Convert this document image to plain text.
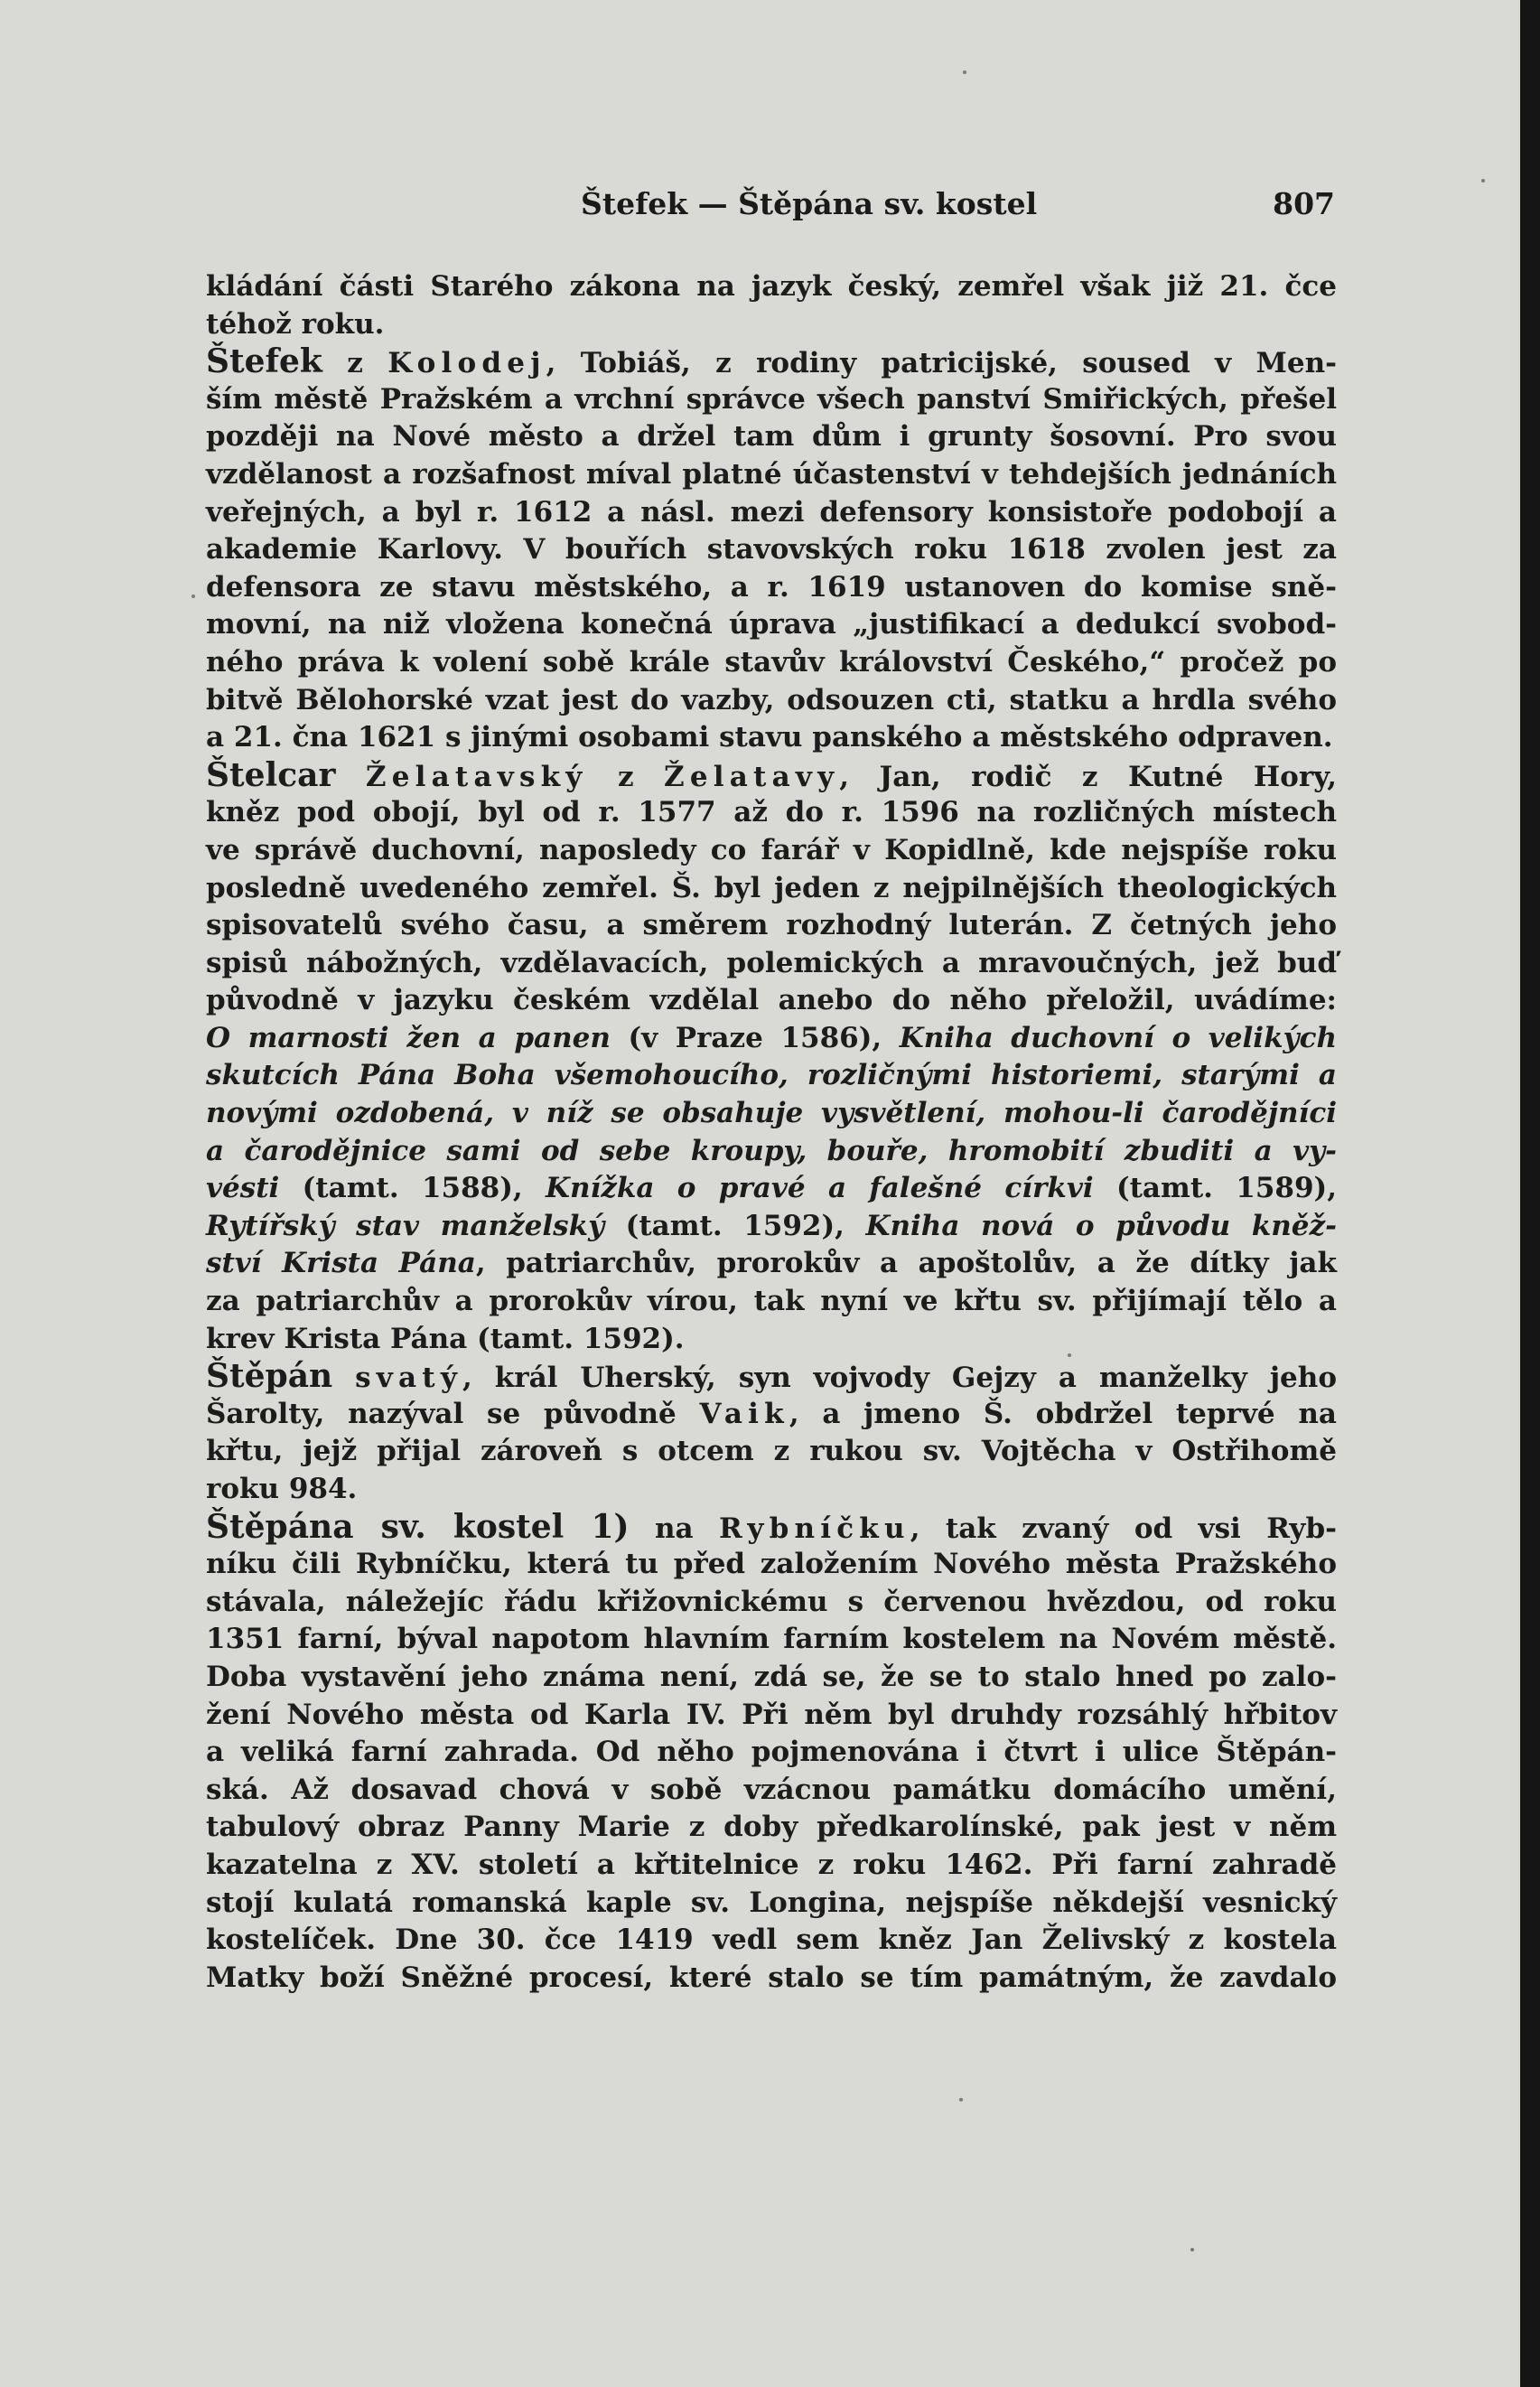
Štefek — Štěpána sv. kostel	807
kládání části Starého zákona na jazyk český, zemřel však již 21. čce
téhož roku.
Štefek z Kolodej, Tobiáš, z rodiny patricijské, soused v Men-
ším městě Pražském a vrchní správce všech panství Smiřických, přešel
později na Nové město a držel tam dům i grunty šosovní. Pro svou
vzdělanost a rozšafnost míval platné účastenství v tehdejších jednáních
veřejných, a byl r. 1612 a násl. mezi defensory konsistoře podobojí a
akademie Karlovy. V bouřích stavovských roku 1618 zvolen jest za
defensora ze stavu městského, a r. 1619 ustanoven do komise sně-
movní, na niž vložena konečná úprava „justifikací a dedukcí svobod-
ného práva k volení sobě krále stavův království Českého,“ pročež po
bitvě Bělohorské vzat jest do vazby, odsouzen cti, statku a hrdla svého
a 21. čna 1621 s jinými osobami stavu panského a městského odpraven.
Štelcar Želatavský z Želatavy, Jan, rodič z Kutné Hory,
kněz pod obojí, byl od r. 1577 až do r. 1596 na rozličných místech
ve správě duchovní, naposledy co farář v Kopidlně, kde nejspíše roku
posledně uvedeného zemřel. Š. byl jeden z nejpilnějších theologických
spisovatelů svého času, a směrem rozhodný luterán. Z četných jeho
spisů nábožných, vzdělavacích, polemických a mravoučných, jež buď
původně v jazyku českém vzdělal anebo do něho přeložil, uvádíme:
O marnosti žen a panen (v Praze 1586), Kniha duchovní o velikých
skutcích Pána Boha všemohoucího, rozličnými historiemi, starými a
novými ozdobená, v níž se obsahuje vysvětlení, mohou-li čarodějníci
a čarodějnice sami od sebe kroupy, bouře, hromobití zbuditi a vy-
vésti (tamt. 1588), Knížka o pravé a falešné církvi (tamt. 1589),
Rytířský stav manželský (tamt. 1592), Kniha nová o původu kněž-
ství Krista Pána, patriarchův, prorokův a apoštolův, a že dítky jak
za patriarchův a prorokův vírou, tak nyní ve křtu sv. přijímají tělo a
krev Krista Pána (tamt. 1592).
Štěpán svatý, král Uherský, syn vojvody Gejzy a manželky jeho
Šarolty, nazýval se původně Vaik, a jmeno Š. obdržel teprvé na
křtu, jejž přijal zároveň s otcem z rukou sv. Vojtěcha v Ostřihomě
roku 984.
Štěpána sv. kostel 1) na Rybníčku, tak zvaný od vsi Ryb-
níku čili Rybníčku, která tu před založením Nového města Pražského
stávala, náležejíc řádu křižovnickému s červenou hvězdou, od roku
1351 farní, býval napotom hlavním farním kostelem na Novém městě.
Doba vystavění jeho známa není, zdá se, že se to stalo hned po zalo-
žení Nového města od Karla IV. Při něm byl druhdy rozsáhlý hřbitov
a veliká farní zahrada. Od něho pojmenována i čtvrt i ulice Štěpán-
ská. Až dosavad chová v sobě vzácnou památku domácího umění,
tabulový obraz Panny Marie z doby předkarolínské, pak jest v něm
kazatelna z XV. století a křtitelnice z roku 1462. Při farní zahradě
stojí kulatá romanská kaple sv. Longina, nejspíše někdejší vesnický
kostelíček. Dne 30. čce 1419 vedl sem kněz Jan Želivský z kostela
Matky boží Sněžné procesí, které stalo se tím památným, že zavdalo
